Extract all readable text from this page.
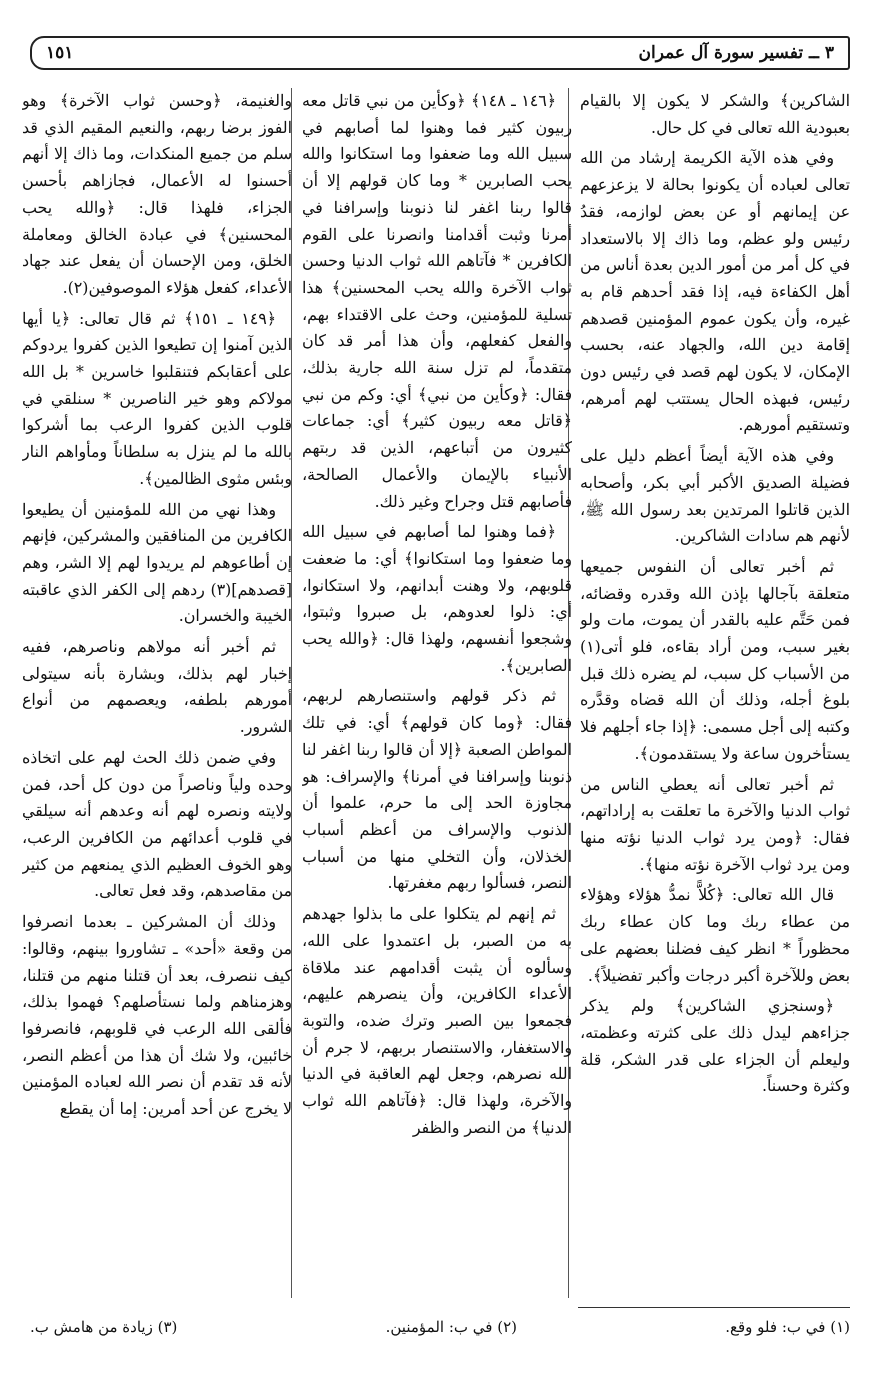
٣ ــ تفسير سورة آل عمران
١٥١

الشاكرين﴾ والشكر لا يكون إلا بالقيام بعبودية الله تعالى في كل حال.

وفي هذه الآية الكريمة إرشاد من الله تعالى لعباده أن يكونوا بحالة لا يزعزعهم عن إيمانهم أو عن بعض لوازمه، فقدُ رئيس ولو عظم، وما ذاك إلا بالاستعداد في كل أمر من أمور الدين بعدة أناس من أهل الكفاءة فيه، إذا فقد أحدهم قام به غيره، وأن يكون عموم المؤمنين قصدهم إقامة دين الله، والجهاد عنه، بحسب الإمكان، لا يكون لهم قصد في رئيس دون رئيس، فبهذه الحال يستتب لهم أمرهم، وتستقيم أمورهم.

وفي هذه الآية أيضاً أعظم دليل على فضيلة الصديق الأكبر أبي بكر، وأصحابه الذين قاتلوا المرتدين بعد رسول الله ﷺ، لأنهم هم سادات الشاكرين.

ثم أخبر تعالى أن النفوس جميعها متعلقة بآجالها بإذن الله وقدره وقضائه، فمن حَتَّم عليه بالقدر أن يموت، مات ولو بغير سبب، ومن أراد بقاءه، فلو أتى(١) من الأسباب كل سبب، لم يضره ذلك قبل بلوغ أجله، وذلك أن الله قضاه وقدَّره وكتبه إلى أجل مسمى: ﴿إذا جاء أجلهم فلا يستأخرون ساعة ولا يستقدمون﴾.

ثم أخبر تعالى أنه يعطي الناس من ثواب الدنيا والآخرة ما تعلقت به إراداتهم، فقال: ﴿ومن يرد ثواب الدنيا نؤته منها ومن يرد ثواب الآخرة نؤته منها﴾.

قال الله تعالى: ﴿كُلاًّ نمدُّ هؤلاء وهؤلاء من عطاء ربك وما كان عطاء ربك محظوراً * انظر كيف فضلنا بعضهم على بعض وللآخرة أكبر درجات وأكبر تفضيلاً﴾.

﴿وسنجزي الشاكرين﴾ ولم يذكر جزاءهم ليدل ذلك على كثرته وعظمته، وليعلم أن الجزاء على قدر الشكر، قلة وكثرة وحسناً.

﴿١٤٦ ـ ١٤٨﴾ ﴿وكأين من نبي قاتل معه ربيون كثير فما وهنوا لما أصابهم في سبيل الله وما ضعفوا وما استكانوا والله يحب الصابرين * وما كان قولهم إلا أن قالوا ربنا اغفر لنا ذنوبنا وإسرافنا في أمرنا وثبت أقدامنا وانصرنا على القوم الكافرين * فآتاهم الله ثواب الدنيا وحسن ثواب الآخرة والله يحب المحسنين﴾ هذا تسلية للمؤمنين، وحث على الاقتداء بهم، والفعل كفعلهم، وأن هذا أمر قد كان متقدماً، لم تزل سنة الله جارية بذلك، فقال: ﴿وكأين من نبي﴾ أي: وكم من نبي ﴿قاتل معه ربيون كثير﴾ أي: جماعات كثيرون من أتباعهم، الذين قد ربتهم الأنبياء بالإيمان والأعمال الصالحة، فأصابهم قتل وجراح وغير ذلك.

﴿فما وهنوا لما أصابهم في سبيل الله وما ضعفوا وما استكانوا﴾ أي: ما ضعفت قلوبهم، ولا وهنت أبدانهم، ولا استكانوا، أي: ذلوا لعدوهم، بل صبروا وثبتوا، وشجعوا أنفسهم، ولهذا قال: ﴿والله يحب الصابرين﴾.

ثم ذكر قولهم واستنصارهم لربهم، فقال: ﴿وما كان قولهم﴾ أي: في تلك المواطن الصعبة ﴿إلا أن قالوا ربنا اغفر لنا ذنوبنا وإسرافنا في أمرنا﴾ والإسراف: هو مجاوزة الحد إلى ما حرم، علموا أن الذنوب والإسراف من أعظم أسباب الخذلان، وأن التخلي منها من أسباب النصر، فسألوا ربهم مغفرتها.

ثم إنهم لم يتكلوا على ما بذلوا جهدهم به من الصبر، بل اعتمدوا على الله، وسألوه أن يثبت أقدامهم عند ملاقاة الأعداء الكافرين، وأن ينصرهم عليهم، فجمعوا بين الصبر وترك ضده، والتوبة والاستغفار، والاستنصار بربهم، لا جرم أن الله نصرهم، وجعل لهم العاقبة في الدنيا والآخرة، ولهذا قال: ﴿فآتاهم الله ثواب الدنيا﴾ من النصر والظفر

والغنيمة، ﴿وحسن ثواب الآخرة﴾ وهو الفوز برضا ربهم، والنعيم المقيم الذي قد سلم من جميع المنكدات، وما ذاك إلا أنهم أحسنوا له الأعمال، فجازاهم بأحسن الجزاء، فلهذا قال: ﴿والله يحب المحسنين﴾ في عبادة الخالق ومعاملة الخلق، ومن الإحسان أن يفعل عند جهاد الأعداء، كفعل هؤلاء الموصوفين(٢).

﴿١٤٩ ـ ١٥١﴾ ثم قال تعالى: ﴿يا أيها الذين آمنوا إن تطيعوا الذين كفروا يردوكم على أعقابكم فتنقلبوا خاسرين * بل الله مولاكم وهو خير الناصرين * سنلقي في قلوب الذين كفروا الرعب بما أشركوا بالله ما لم ينزل به سلطاناً ومأواهم النار وبئس مثوى الظالمين﴾.

وهذا نهي من الله للمؤمنين أن يطيعوا الكافرين من المنافقين والمشركين، فإنهم إن أطاعوهم لم يريدوا لهم إلا الشر، وهم [قصدهم](٣) ردهم إلى الكفر الذي عاقبته الخيبة والخسران.

ثم أخبر أنه مولاهم وناصرهم، ففيه إخبار لهم بذلك، وبشارة بأنه سيتولى أمورهم بلطفه، ويعصمهم من أنواع الشرور.

وفي ضمن ذلك الحث لهم على اتخاذه وحده ولياً وناصراً من دون كل أحد، فمن ولايته ونصره لهم أنه وعدهم أنه سيلقي في قلوب أعدائهم من الكافرين الرعب، وهو الخوف العظيم الذي يمنعهم من كثير من مقاصدهم، وقد فعل تعالى.

وذلك أن المشركين ـ بعدما انصرفوا من وقعة «أحد» ـ تشاوروا بينهم، وقالوا: كيف ننصرف، بعد أن قتلنا منهم من قتلنا، وهزمناهم ولما نستأصلهم؟ فهموا بذلك، فألقى الله الرعب في قلوبهم، فانصرفوا خائبين، ولا شك أن هذا من أعظم النصر، لأنه قد تقدم أن نصر الله لعباده المؤمنين لا يخرج عن أحد أمرين: إما أن يقطع

(١) في ب: فلو وقع.
(٢) في ب: المؤمنين.
(٣) زيادة من هامش ب.
